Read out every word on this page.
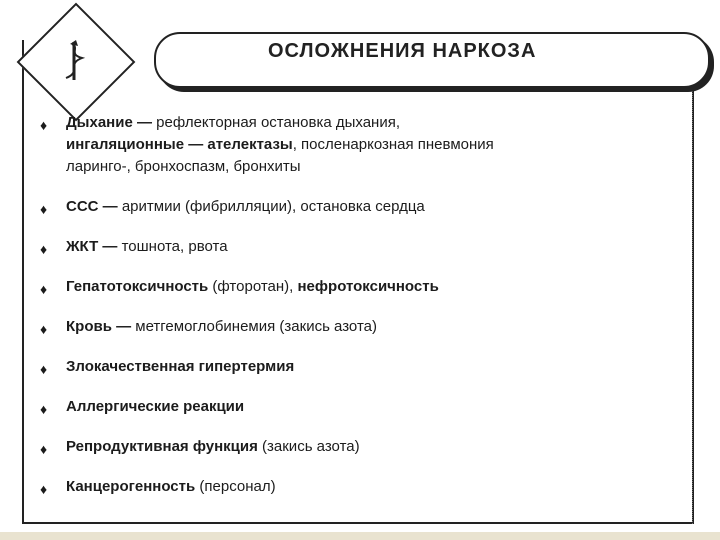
ОСЛОЖНЕНИЯ НАРКОЗА
♦ Дыхание — рефлекторная остановка дыхания,
ингаляционные — ателектазы, посленаркозная пневмония
ларинго-, бронхоспазм, бронхиты
♦ ССС — аритмии (фибрилляции), остановка сердца
♦ ЖКТ — тошнота, рвота
♦ Гепатотоксичность (фторотан), нефротоксичность
♦ Кровь — метгемоглобинемия (закись азота)
♦ Злокачественная гипертермия
♦ Аллергические реакции
♦ Репродуктивная функция (закись азота)
♦ Канцерогенность (персонал)
